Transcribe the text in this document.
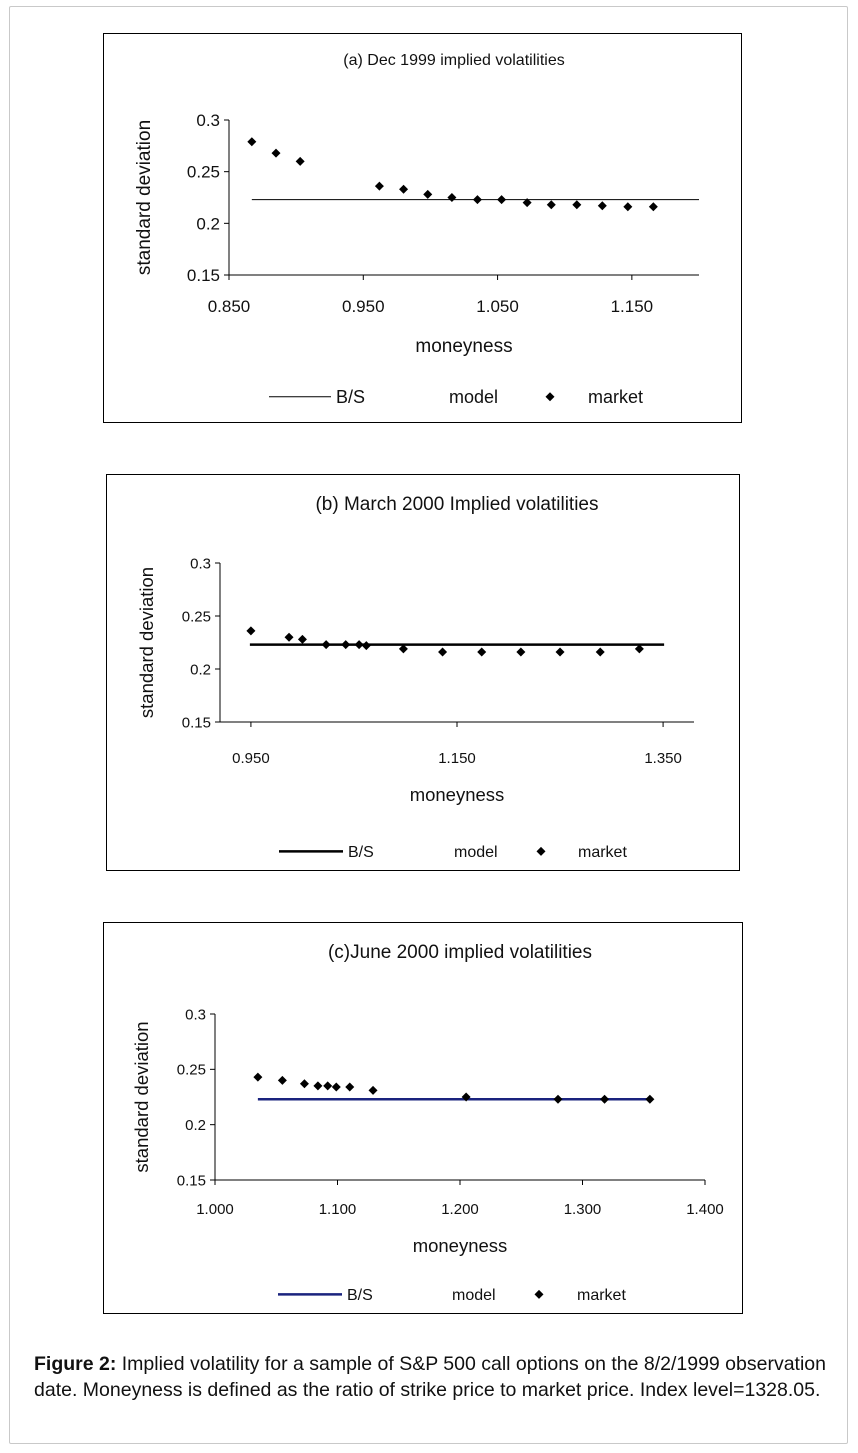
(a) Dec 1999 implied volatilities
0.15
0.2
0.25
0.3
0.850	0.950	1.050	1.150
moneyness
standard deviation
B/S	model	market
(b) March 2000 Implied volatilities
0.15
0.2
0.25
0.3
0.950	1.150	1.350
moneyness
standard deviation
B/S	model	market
(c)June 2000 implied volatilities
0.15
0.2
0.25
0.3
1.000	1.100	1.200	1.300	1.400
moneyness
standard deviation
B/S	model	market
Figure 2: Implied volatility for a sample of S&P 500 call options on the 8/2/1999 observation date. Moneyness is defined as the ratio of strike price to market price. Index level=1328.05.
